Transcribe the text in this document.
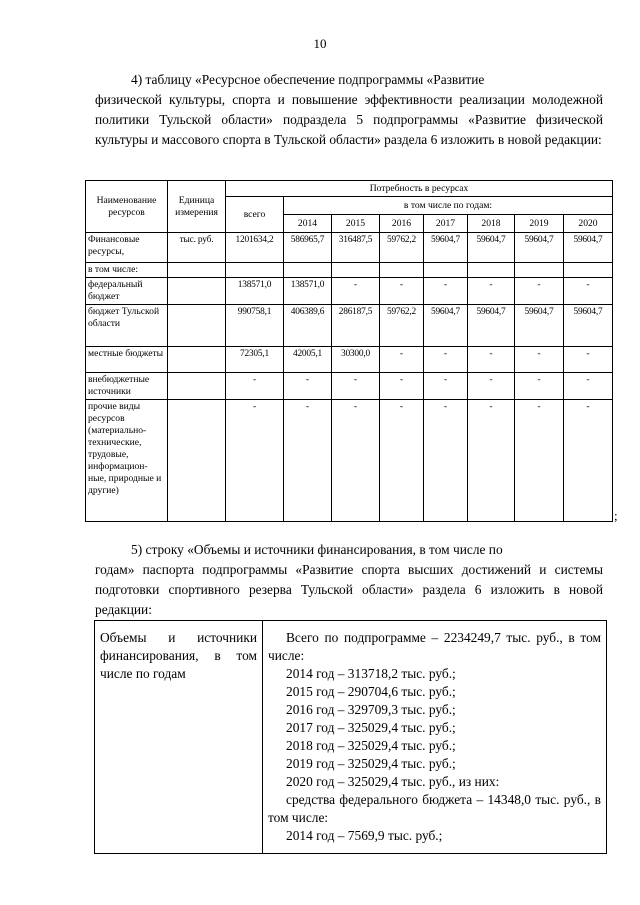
10
4) таблицу «Ресурсное обеспечение подпрограммы «Развитие
физической культуры, спорта и повышение эффективности реализации молодежной политики Тульской области» подраздела 5 подпрограммы «Развитие физической культуры и массового спорта в Тульской области» раздела 6 изложить в новой редакции:
Наименование ресурсов	Единица измерения	Потребность в ресурсах							
		всего	в том числе по годам:						
			2014	2015	2016	2017	2018	2019	2020
Финансовые ресурсы,	тыс. руб.	1201634,2	586965,7	316487,5	59762,2	59604,7	59604,7	59604,7	59604,7
в том числе:									
федеральный бюджет		138571,0	138571,0	-	-	-	-	-	-
бюджет Тульской области		990758,1	406389,6	286187,5	59762,2	59604,7	59604,7	59604,7	59604,7
местные бюджеты		72305,1	42005,1	30300,0	-	-	-	-	-
внебюджетные источники		-	-	-	-	-	-	-	-
прочие виды ресурсов (материально-технические, трудовые, информацион-ные, природные и другие)		-	-	-	-	-	-	-	-
;
5) строку «Объемы и источники финансирования, в том числе по
годам» паспорта подпрограммы «Развитие спорта высших достижений и системы подготовки спортивного резерва Тульской области» раздела 6 изложить в новой редакции:
Объемы и источники финансирования, в том числе по годам	
Всего по подпрограмме – 2234249,7 тыс. руб., в том числе:
2014 год – 313718,2 тыс. руб.;
2015 год – 290704,6 тыс. руб.;
2016 год – 329709,3 тыс. руб.;
2017 год – 325029,4 тыс. руб.;
2018 год – 325029,4 тыс. руб.;
2019 год – 325029,4 тыс. руб.;
2020 год – 325029,4 тыс. руб., из них:
средства федерального бюджета – 14348,0 тыс. руб., в том числе:
2014 год – 7569,9 тыс. руб.;
